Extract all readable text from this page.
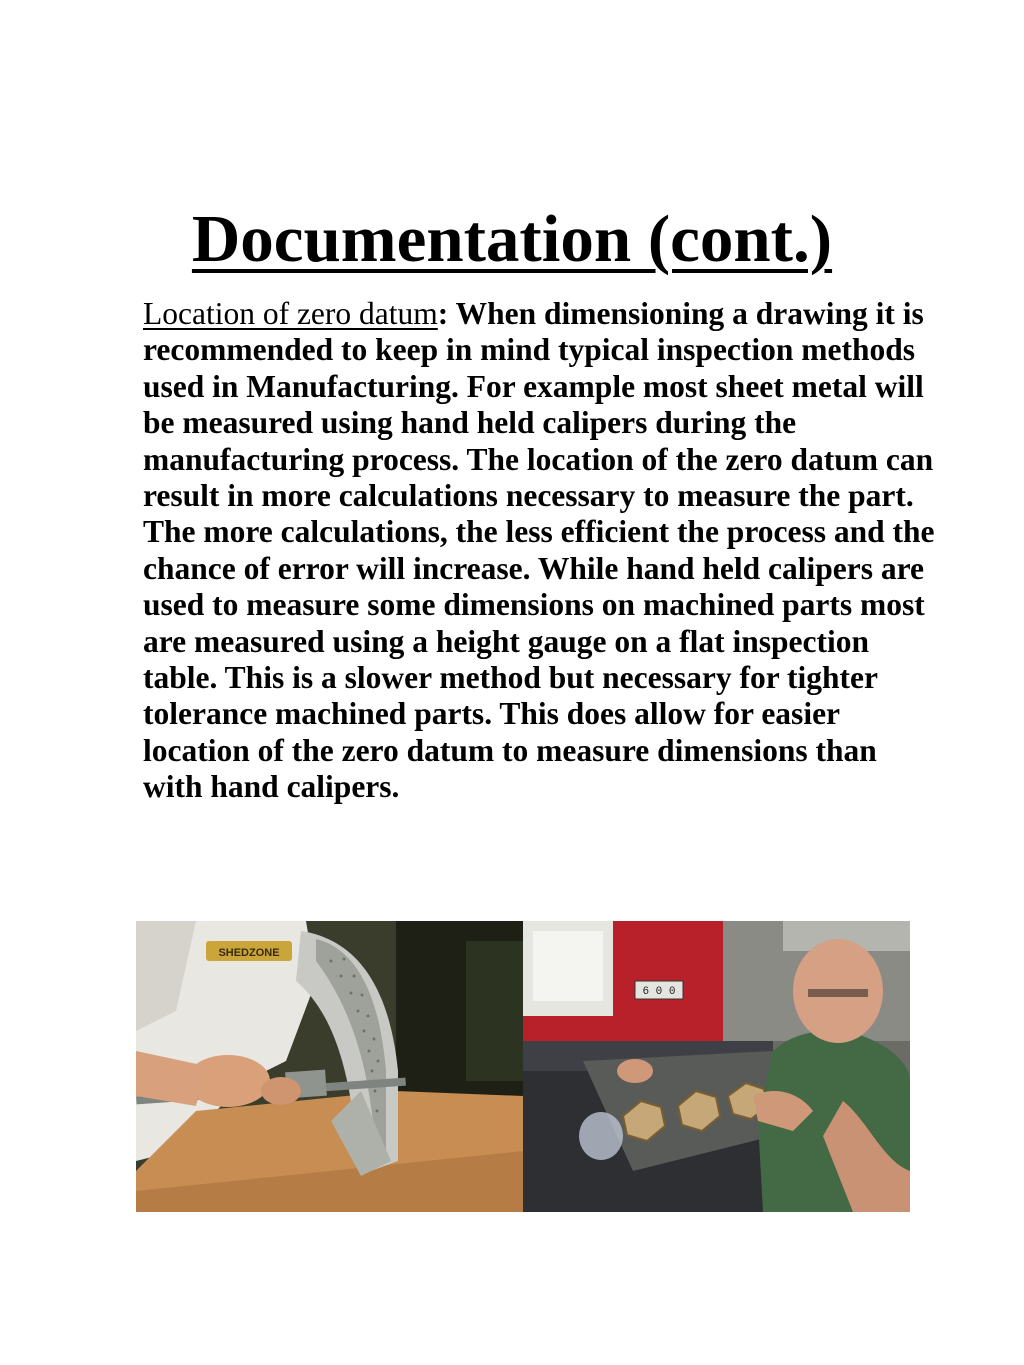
Documentation (cont.)

Location of zero datum: When dimensioning a drawing it is recommended to keep in mind typical inspection methods used in Manufacturing. For example most sheet metal will be measured using hand held calipers during the manufacturing process. The location of the zero datum can result in more calculations necessary to measure the part. The more calculations, the less efficient the process and the chance of error will increase. While hand held calipers are used to measure some dimensions on machined parts most are measured using a height gauge on a flat inspection table. This is a slower method but necessary for tighter tolerance machined parts. This does allow for easier location of the zero datum to measure dimensions than with hand calipers.

SHEDZONE
6 0 0
